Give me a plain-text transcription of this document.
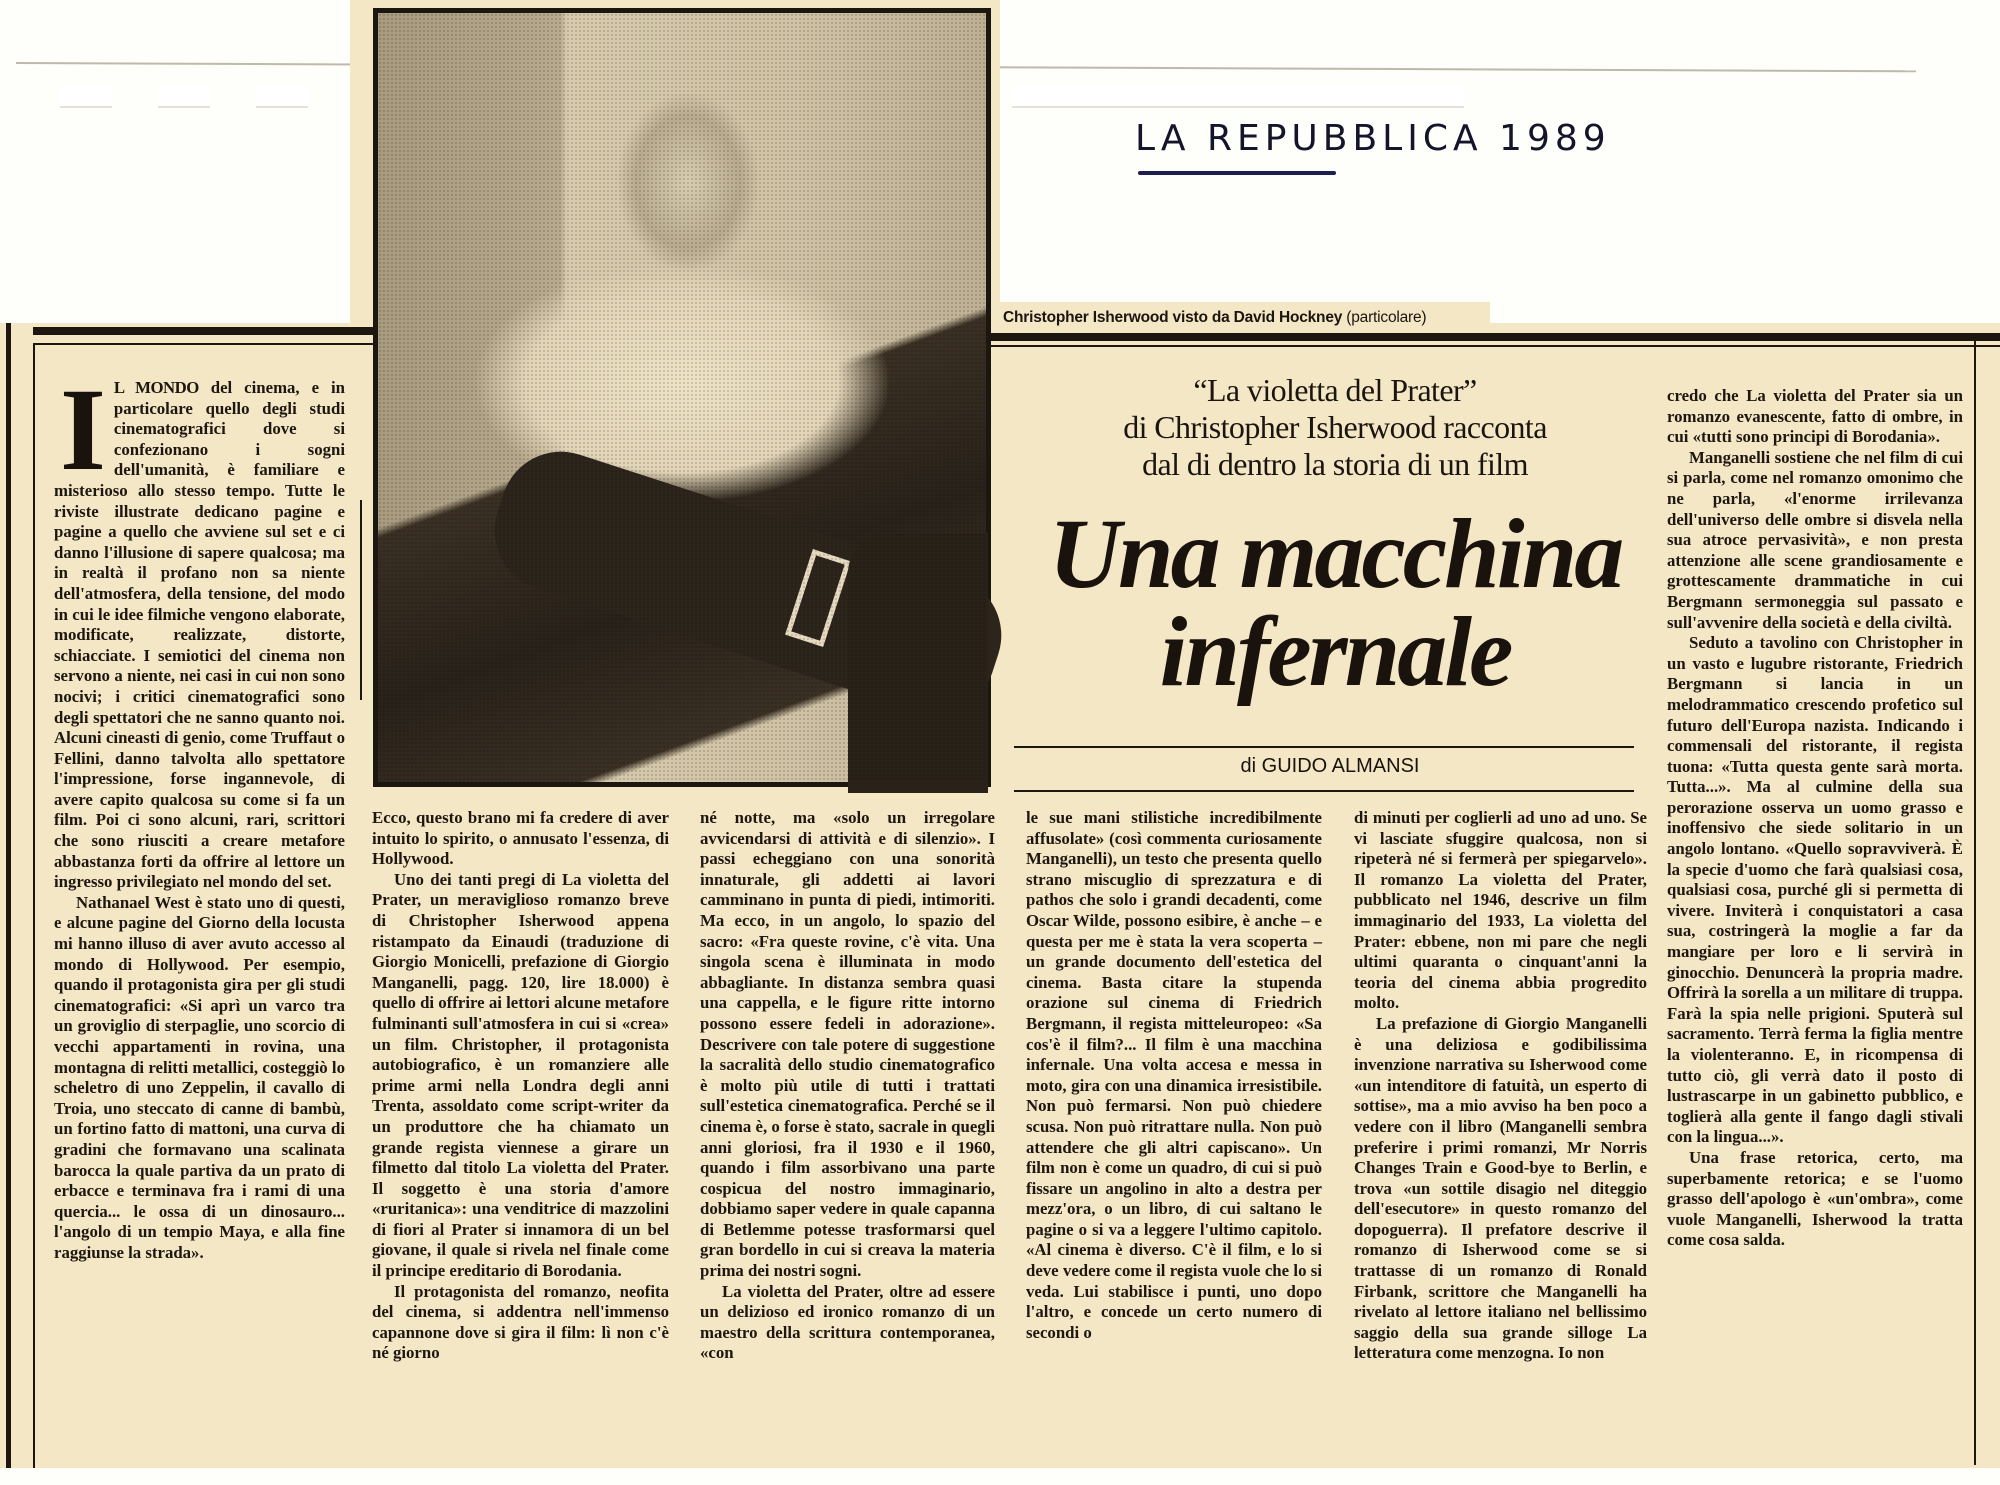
LA REPUBBLICA 1989
Christopher Isherwood visto da David Hockney (particolare)
“La violetta del Prater”
di Christopher Isherwood racconta
dal di dentro la storia di un film
Una macchina
infernale
di GUIDO ALMANSI
I L MONDO del cinema, e in particolare quello degli studi cinematografici dove si confezionano i sogni dell'umanità, è familiare e misterioso allo stesso tempo. Tutte le riviste illustrate dedicano pagine e pagine a quello che avviene sul set e ci danno l'illusione di sapere qualcosa; ma in realtà il profano non sa niente dell'atmosfera, della tensione, del modo in cui le idee filmiche vengono elaborate, modificate, realizzate, distorte, schiacciate. I semiotici del cinema non servono a niente, nei casi in cui non sono nocivi; i critici cinematografici sono degli spettatori che ne sanno quanto noi. Alcuni cineasti di genio, come Truffaut o Fellini, danno talvolta allo spettatore l'impressione, forse ingannevole, di avere capito qualcosa su come si fa un film. Poi ci sono alcuni, rari, scrittori che sono riusciti a creare metafore abbastanza forti da offrire al lettore un ingresso privilegiato nel mondo del set.

Nathanael West è stato uno di questi, e alcune pagine del Giorno della locusta mi hanno illuso di aver avuto accesso al mondo di Hollywood. Per esempio, quando il protagonista gira per gli studi cinematografici: «Si aprì un varco tra un groviglio di sterpaglie, uno scorcio di vecchi appartamenti in rovina, una montagna di relitti metallici, costeggiò lo scheletro di uno Zeppelin, il cavallo di Troia, uno steccato di canne di bambù, un fortino fatto di mattoni, una curva di gradini che formavano una scalinata barocca la quale partiva da un prato di erbacce e terminava fra i rami di una quercia... le ossa di un dinosauro... l'angolo di un tempio Maya, e alla fine raggiunse la strada».

Ecco, questo brano mi fa credere di aver intuito lo spirito, o annusato l'essenza, di Hollywood.

Uno dei tanti pregi di La violetta del Prater, un meraviglioso romanzo breve di Christopher Isherwood appena ristampato da Einaudi (traduzione di Giorgio Monicelli, prefazione di Giorgio Manganelli, pagg. 120, lire 18.000) è quello di offrire ai lettori alcune metafore fulminanti sull'atmosfera in cui si «crea» un film. Christopher, il protagonista autobiografico, è un romanziere alle prime armi nella Londra degli anni Trenta, assoldato come script-writer da un produttore che ha chiamato un grande regista viennese a girare un filmetto dal titolo La violetta del Prater. Il soggetto è una storia d'amore «ruritanica»: una venditrice di mazzolini di fiori al Prater si innamora di un bel giovane, il quale si rivela nel finale come il principe ereditario di Borodania.

Il protagonista del romanzo, neofita del cinema, si addentra nell'immenso capannone dove si gira il film: lì non c'è né giorno

né notte, ma «solo un irregolare avvicendarsi di attività e di silenzio». I passi echeggiano con una sonorità innaturale, gli addetti ai lavori camminano in punta di piedi, intimoriti. Ma ecco, in un angolo, lo spazio del sacro: «Fra queste rovine, c'è vita. Una singola scena è illuminata in modo abbagliante. In distanza sembra quasi una cappella, e le figure ritte intorno possono essere fedeli in adorazione». Descrivere con tale potere di suggestione la sacralità dello studio cinematografico è molto più utile di tutti i trattati sull'estetica cinematografica. Perché se il cinema è, o forse è stato, sacrale in quegli anni gloriosi, fra il 1930 e il 1960, quando i film assorbivano una parte cospicua del nostro immaginario, dobbiamo saper vedere in quale capanna di Betlemme potesse trasformarsi quel gran bordello in cui si creava la materia prima dei nostri sogni.

La violetta del Prater, oltre ad essere un delizioso ed ironico romanzo di un maestro della scrittura contemporanea, «con

le sue mani stilistiche incredibilmente affusolate» (così commenta curiosamente Manganelli), un testo che presenta quello strano miscuglio di sprezzatura e di pathos che solo i grandi decadenti, come Oscar Wilde, possono esibire, è anche – e questa per me è stata la vera scoperta – un grande documento dell'estetica del cinema. Basta citare la stupenda orazione sul cinema di Friedrich Bergmann, il regista mitteleuropeo: «Sa cos'è il film?... Il film è una macchina infernale. Una volta accesa e messa in moto, gira con una dinamica irresistibile. Non può fermarsi. Non può chiedere scusa. Non può ritrattare nulla. Non può attendere che gli altri capiscano». Un film non è come un quadro, di cui si può fissare un angolino in alto a destra per mezz'ora, o un libro, di cui saltano le pagine o si va a leggere l'ultimo capitolo. «Al cinema è diverso. C'è il film, e lo si deve vedere come il regista vuole che lo si veda. Lui stabilisce i punti, uno dopo l'altro, e concede un certo numero di secondi o

di minuti per coglierli ad uno ad uno. Se vi lasciate sfuggire qualcosa, non si ripeterà né si fermerà per spiegarvelo». Il romanzo La violetta del Prater, pubblicato nel 1946, descrive un film immaginario del 1933, La violetta del Prater: ebbene, non mi pare che negli ultimi quaranta o cinquant'anni la teoria del cinema abbia progredito molto.

La prefazione di Giorgio Manganelli è una deliziosa e godibilissima invenzione narrativa su Isherwood come «un intenditore di fatuità, un esperto di sottise», ma a mio avviso ha ben poco a vedere con il libro (Manganelli sembra preferire i primi romanzi, Mr Norris Changes Train e Good-bye to Berlin, e trova «un sottile disagio nel diteggio dell'esecutore» in questo romanzo del dopoguerra). Il prefatore descrive il romanzo di Isherwood come se si trattasse di un romanzo di Ronald Firbank, scrittore che Manganelli ha rivelato al lettore italiano nel bellissimo saggio della sua grande silloge La letteratura come menzogna. Io non

credo che La violetta del Prater sia un romanzo evanescente, fatto di ombre, in cui «tutti sono principi di Borodania».

Manganelli sostiene che nel film di cui si parla, come nel romanzo omonimo che ne parla, «l'enorme irrilevanza dell'universo delle ombre si disvela nella sua atroce pervasività», e non presta attenzione alle scene grandiosamente e grottescamente drammatiche in cui Bergmann sermoneggia sul passato e sull'avvenire della società e della civiltà.

Seduto a tavolino con Christopher in un vasto e lugubre ristorante, Friedrich Bergmann si lancia in un melodrammatico crescendo profetico sul futuro dell'Europa nazista. Indicando i commensali del ristorante, il regista tuona: «Tutta questa gente sarà morta. Tutta...». Ma al culmine della sua perorazione osserva un uomo grasso e inoffensivo che siede solitario in un angolo lontano. «Quello sopravviverà. È la specie d'uomo che farà qualsiasi cosa, qualsiasi cosa, purché gli si permetta di vivere. Inviterà i conquistatori a casa sua, costringerà la moglie a far da mangiare per loro e li servirà in ginocchio. Denuncerà la propria madre. Offrirà la sorella a un militare di truppa. Farà la spia nelle prigioni. Sputerà sul sacramento. Terrà ferma la figlia mentre la violenteranno. E, in ricompensa di tutto ciò, gli verrà dato il posto di lustrascarpe in un gabinetto pubblico, e toglierà alla gente il fango dagli stivali con la lingua...».

Una frase retorica, certo, ma superbamente retorica; e se l'uomo grasso dell'apologo è «un'ombra», come vuole Manganelli, Isherwood la tratta come cosa salda.
